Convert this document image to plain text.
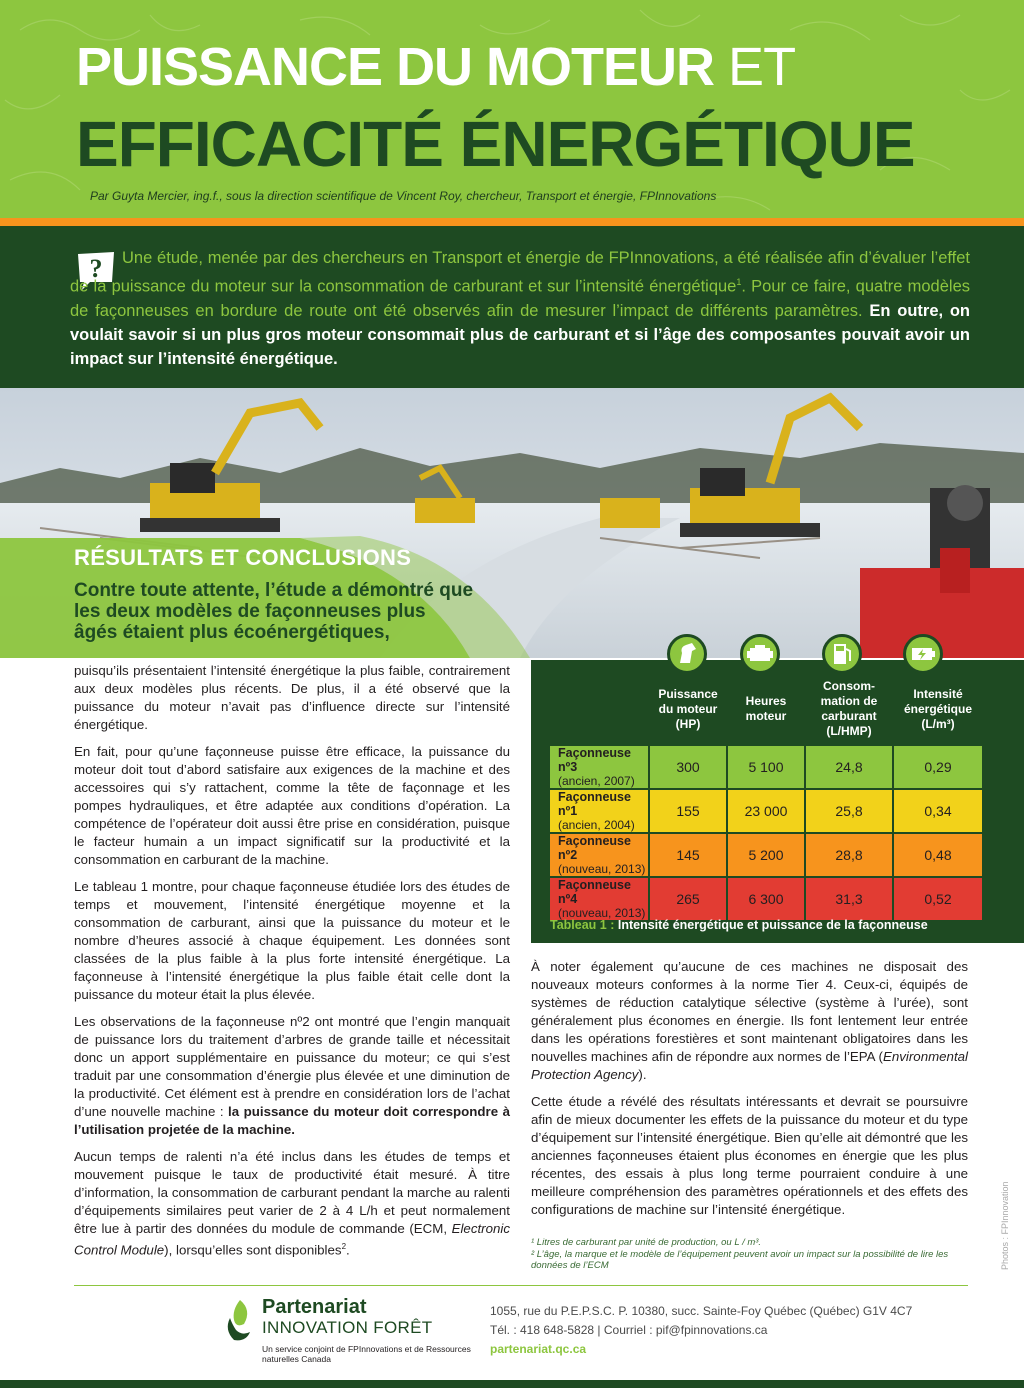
PUISSANCE DU MOTEUR ET
EFFICACITÉ ÉNERGÉTIQUE
Par Guyta Mercier, ing.f., sous la direction scientifique de Vincent Roy, chercheur, Transport et énergie, FPInnovations
?	Une étude, menée par des chercheurs en Transport et énergie de FPInnovations, a été réalisée afin d’évaluer l’effet de la puissance du moteur sur la consommation de carburant et sur l’intensité énergétique$^1$. Pour ce faire, quatre modèles de façonneuses en bordure de route ont été observés afin de mesurer l’impact de différents paramètres. En outre, on voulait savoir si un plus gros moteur consommait plus de carburant et si l’âge des composantes pouvait avoir un impact sur l’intensité énergétique.
RÉSULTATS ET CONCLUSIONS
Contre toute attente, l’étude a démontré que les deux modèles de façonneuses plus âgés étaient plus écoénergétiques,

puisqu’ils présentaient l’intensité énergétique la plus faible, contrairement aux deux modèles plus récents. De plus, il a été observé que la puissance du moteur n’avait pas d’influence directe sur l’intensité énergétique.

En fait, pour qu’une façonneuse puisse être efficace, la puissance du moteur doit tout d’abord satisfaire aux exigences de la machine et des accessoires qui s’y rattachent, comme la tête de façonnage et les pompes hydrauliques, et être adaptée aux conditions d’opération. La compétence de l’opérateur doit aussi être prise en considération, puisque le facteur humain a un impact significatif sur la productivité et la consommation en carburant de la machine.

Le tableau 1 montre, pour chaque façonneuse étudiée lors des études de temps et mouvement, l’intensité énergétique moyenne et la consommation de carburant, ainsi que la puissance du moteur et le nombre d’heures associé à chaque équipement. Les données sont classées de la plus faible à la plus forte intensité énergétique. La façonneuse à l’intensité énergétique la plus faible était celle dont la puissance du moteur était la plus élevée.

Les observations de la façonneuse nº2 ont montré que l’engin manquait de puissance lors du traitement d’arbres de grande taille et nécessitait donc un apport supplémentaire en puissance du moteur; ce qui s’est traduit par une consommation d’énergie plus élevée et une diminution de la productivité. Cet élément est à prendre en considération lors de l’achat d’une nouvelle machine : la puissance du moteur doit correspondre à l’utilisation projetée de la machine.

Aucun temps de ralenti n’a été inclus dans les études de temps et mouvement puisque le taux de productivité était mesuré. À titre d’information, la consommation de carburant pendant la marche au ralenti d’équipements similaires peut varier de 2 à 4 L/h et peut normalement être lue à partir des données du module de commande (ECM, Electronic Control Module), lorsqu’elles sont disponibles$^2$.

	Puissance du moteur (HP)	Heures moteur	Consom-mation de carburant (L/HMP)	Intensité énergétique (L/m³)
Façonneuse nº3
(ancien, 2007)	300	5 100	24,8	0,29
Façonneuse nº1
(ancien, 2004)	155	23 000	25,8	0,34
Façonneuse nº2
(nouveau, 2013)	145	5 200	28,8	0,48
Façonneuse nº4
(nouveau, 2013)	265	6 300	31,3	0,52
Tableau 1 : Intensité énergétique et puissance de la façonneuse

À noter également qu’aucune de ces machines ne disposait des nouveaux moteurs conformes à la norme Tier 4. Ceux-ci, équipés de systèmes de réduction catalytique sélective (système à l’urée), sont généralement plus économes en énergie. Ils font lentement leur entrée dans les opérations forestières et sont maintenant obligatoires dans les nouvelles machines afin de répondre aux normes de l’EPA (Environmental Protection Agency).

Cette étude a révélé des résultats intéressants et devrait se poursuivre afin de mieux documenter les effets de la puissance du moteur et du type d’équipement sur l’intensité énergétique. Bien qu’elle ait démontré que les anciennes façonneuses étaient plus économes en énergie que les plus récentes, des essais à plus long terme pourraient conduire à une meilleure compréhension des paramètres opérationnels et des effets des configurations de machine sur l’intensité énergétique.

¹ Litres de carburant par unité de production, ou L / m³.
² L’âge, la marque et le modèle de l’équipement peuvent avoir un impact sur la possibilité de lire les données de l’ECM	Photos : FPInnovation
Partenariat
INNOVATION FORÊT
Un service conjoint de FPInnovations et de Ressources naturelles Canada
1055, rue du P.E.P.S.C. P. 10380, succ. Sainte-Foy Québec (Québec) G1V 4C7
Tél. : 418 648-5828 | Courriel : pif@fpinnovations.ca
partenariat.qc.ca
